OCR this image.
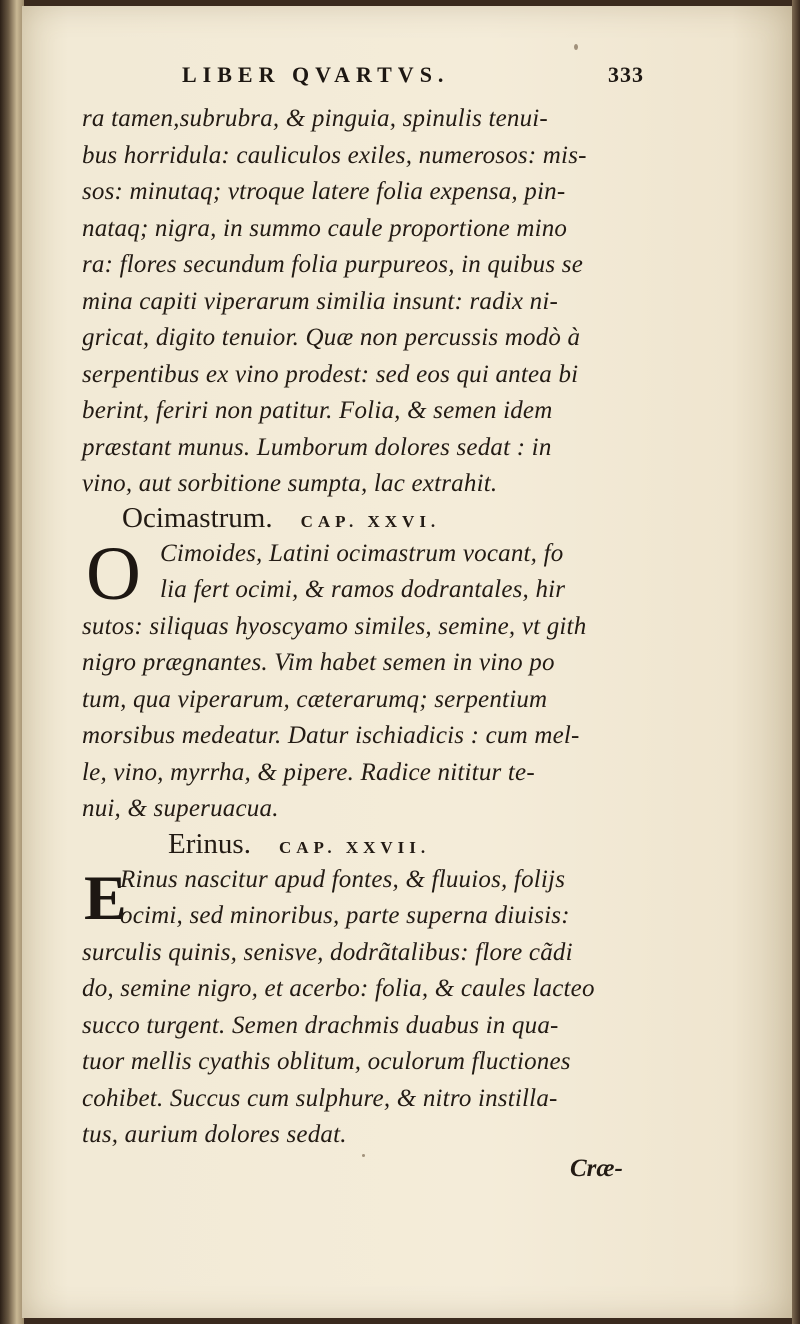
LIBER QVARTVS.	333
ra tamen,subrubra, & pinguia, spinulis tenui-
bus horridula: cauliculos exiles, numerosos: mis-
sos: minutaq; vtroque latere folia expensa, pin-
nataq; nigra, in summo caule proportione mino
ra: flores secundum folia purpureos, in quibus se
mina capiti viperarum similia insunt: radix ni-
gricat, digito tenuior. Quæ non percussis modò à
serpentibus ex vino prodest: sed eos qui antea bi
berint, feriri non patitur. Folia, & semen idem
præstant munus. Lumborum dolores sedat : in
vino, aut sorbitione sumpta, lac extrahit.
Ocimastrum. CAP. XXVI.
O Cimoides, Latini ocimastrum vocant, fo
lia fert ocimi, & ramos dodrantales, hir
sutos: siliquas hyoscyamo similes, semine, vt gith
nigro prægnantes. Vim habet semen in vino po
tum, qua viperarum, cæterarumq; serpentium
morsibus medeatur. Datur ischiadicis : cum mel-
le, vino, myrrha, & pipere. Radice nititur te-
nui, & superuacua.
Erinus. CAP. XXVII.
E
Rinus nascitur apud fontes, & fluuios, folijs
ocimi, sed minoribus, parte superna diuisis:
surculis quinis, senisve, dodrãtalibus: flore cãdi
do, semine nigro, et acerbo: folia, & caules lacteo
succo turgent. Semen drachmis duabus in qua-
tuor mellis cyathis oblitum, oculorum fluctiones
cohibet. Succus cum sulphure, & nitro instilla-
tus, aurium dolores sedat.
Cræ-
